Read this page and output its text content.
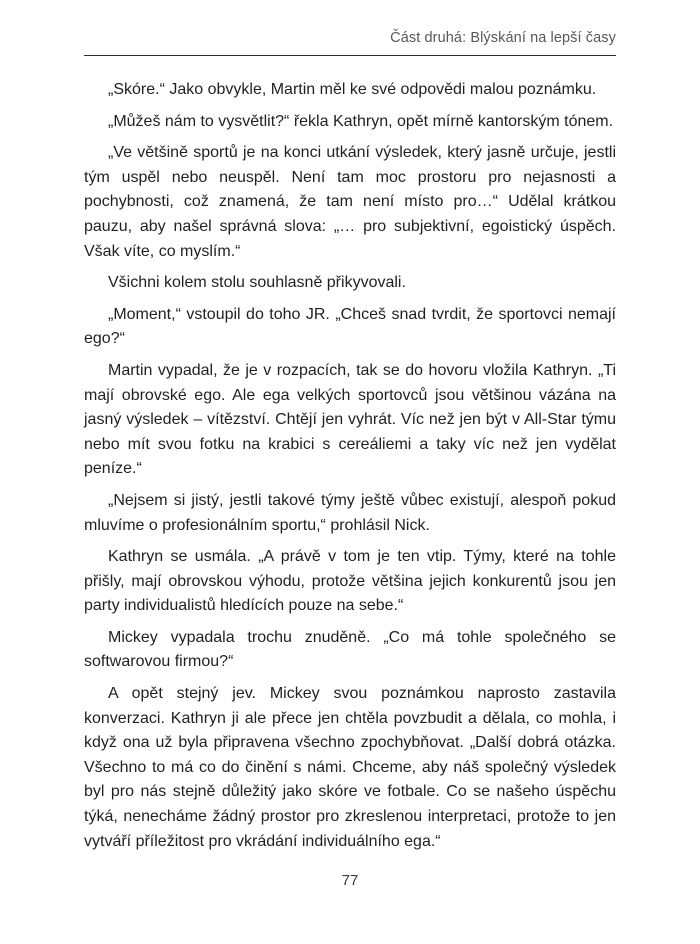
Část druhá: Blýskání na lepší časy

„Skóre.“ Jako obvykle, Martin měl ke své odpovědi malou poznámku.

„Můžeš nám to vysvětlit?“ řekla Kathryn, opět mírně kantorským tónem.

„Ve většině sportů je na konci utkání výsledek, který jasně určuje, jestli tým uspěl nebo neuspěl. Není tam moc prostoru pro nejasnosti a pochybnosti, což znamená, že tam není místo pro…“ Udělal krátkou pauzu, aby našel správná slova: „… pro subjektivní, egoistický úspěch. Však víte, co myslím.“

Všichni kolem stolu souhlasně přikyvovali.

„Moment,“ vstoupil do toho JR. „Chceš snad tvrdit, že sportovci nemají ego?“

Martin vypadal, že je v rozpacích, tak se do hovoru vložila Kathryn. „Ti mají obrovské ego. Ale ega velkých sportovců jsou většinou vázána na jasný výsledek – vítězství. Chtějí jen vyhrát. Víc než jen být v All-Star týmu nebo mít svou fotku na krabici s cereáliemi a taky víc než jen vydělat peníze.“

„Nejsem si jistý, jestli takové týmy ještě vůbec existují, alespoň pokud mluvíme o profesionálním sportu,“ prohlásil Nick.

Kathryn se usmála. „A právě v tom je ten vtip. Týmy, které na tohle přišly, mají obrovskou výhodu, protože většina jejich konkurentů jsou jen party individualistů hledících pouze na sebe.“

Mickey vypadala trochu znuděně. „Co má tohle společného se softwarovou firmou?“

A opět stejný jev. Mickey svou poznámkou naprosto zastavila konverzaci. Kathryn ji ale přece jen chtěla povzbudit a dělala, co mohla, i když ona už byla připravena všechno zpochybňovat. „Další dobrá otázka. Všechno to má co do činění s námi. Chceme, aby náš společný výsledek byl pro nás stejně důležitý jako skóre ve fotbale. Co se našeho úspěchu týká, nenecháme žádný prostor pro zkreslenou interpretaci, protože to jen vytváří příležitost pro vkrádání individuálního ega.“

77
